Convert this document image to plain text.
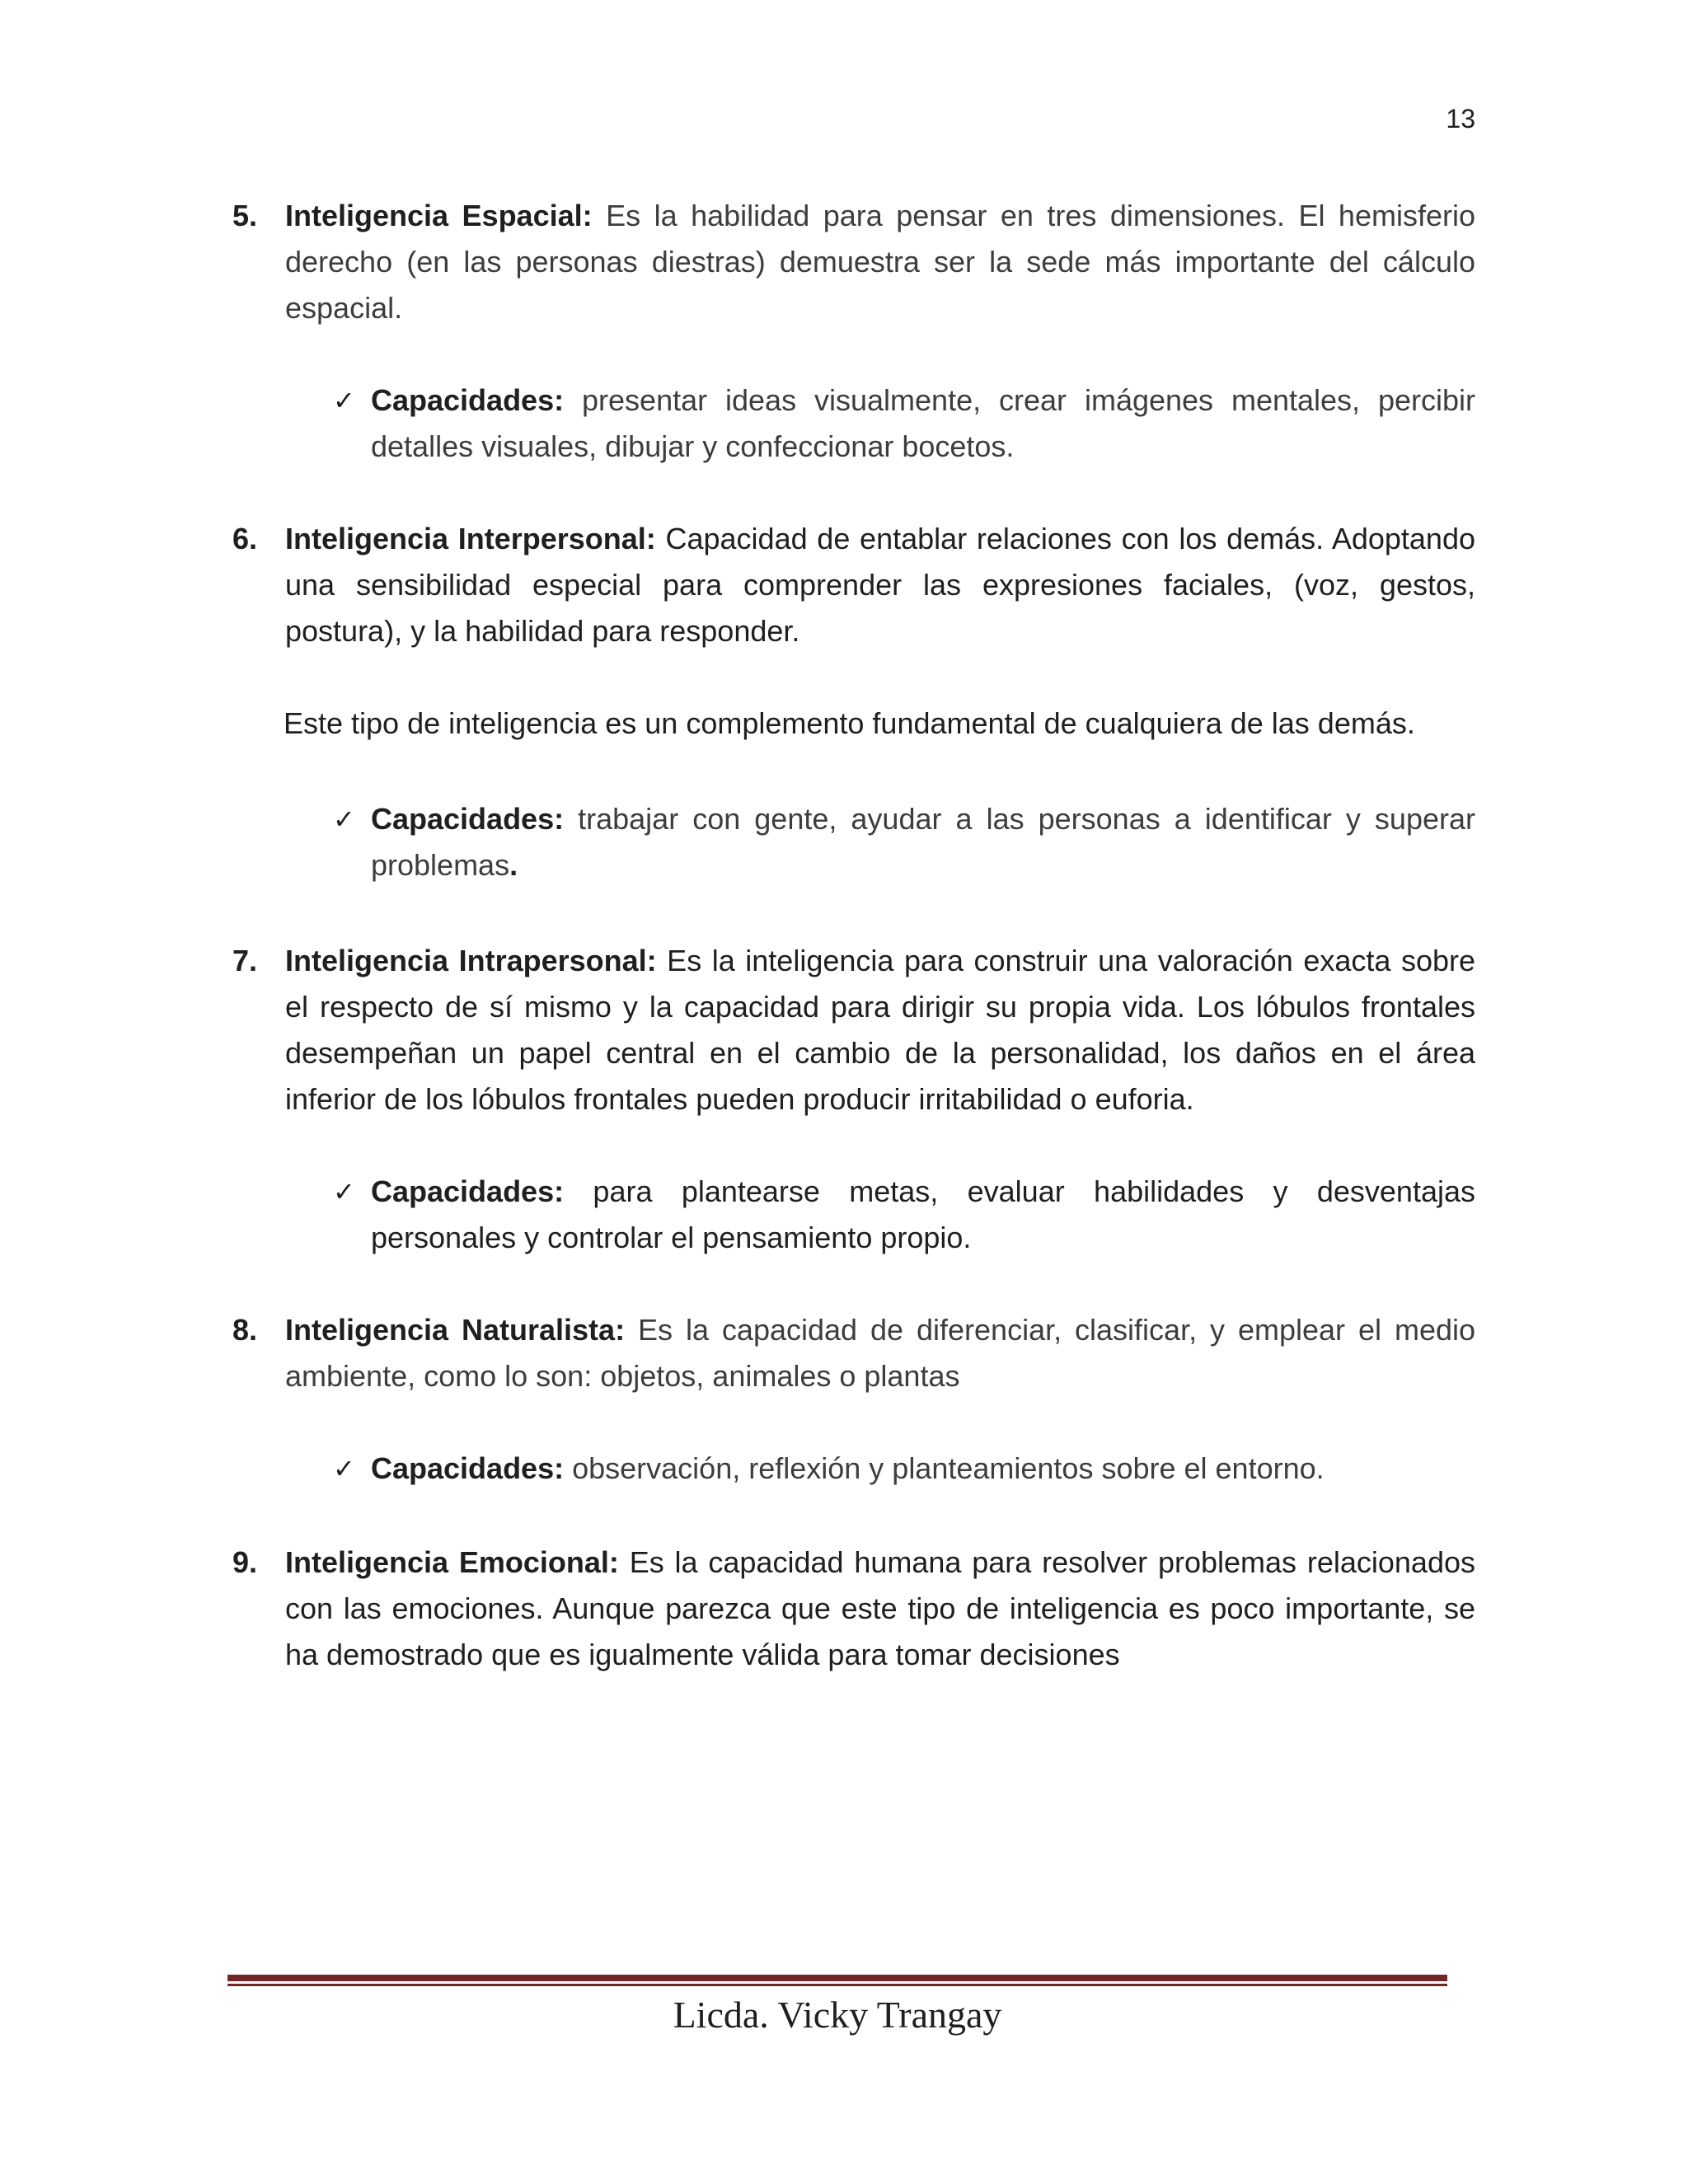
13
5. Inteligencia Espacial: Es la habilidad para pensar en tres dimensiones. El hemisferio derecho (en las personas diestras) demuestra ser la sede más importante del cálculo espacial.
✓ Capacidades: presentar ideas visualmente, crear imágenes mentales, percibir detalles visuales, dibujar y confeccionar bocetos.
6. Inteligencia Interpersonal: Capacidad de entablar relaciones con los demás. Adoptando una sensibilidad especial para comprender las expresiones faciales, (voz, gestos, postura), y la habilidad para responder.
Este tipo de inteligencia es un complemento fundamental de cualquiera de las demás.
✓ Capacidades: trabajar con gente, ayudar a las personas a identificar y superar problemas.
7. Inteligencia Intrapersonal: Es la inteligencia para construir una valoración exacta sobre el respecto de sí mismo y la capacidad para dirigir su propia vida. Los lóbulos frontales desempeñan un papel central en el cambio de la personalidad, los daños en el área inferior de los lóbulos frontales pueden producir irritabilidad o euforia.
✓ Capacidades: para plantearse metas, evaluar habilidades y desventajas personales y controlar el pensamiento propio.
8. Inteligencia Naturalista: Es la capacidad de diferenciar, clasificar, y emplear el medio ambiente, como lo son: objetos, animales o plantas
✓ Capacidades: observación, reflexión y planteamientos sobre el entorno.
9. Inteligencia Emocional: Es la capacidad humana para resolver problemas relacionados con las emociones. Aunque parezca que este tipo de inteligencia es poco importante, se ha demostrado que es igualmente válida para tomar decisiones
Licda. Vicky Trangay
